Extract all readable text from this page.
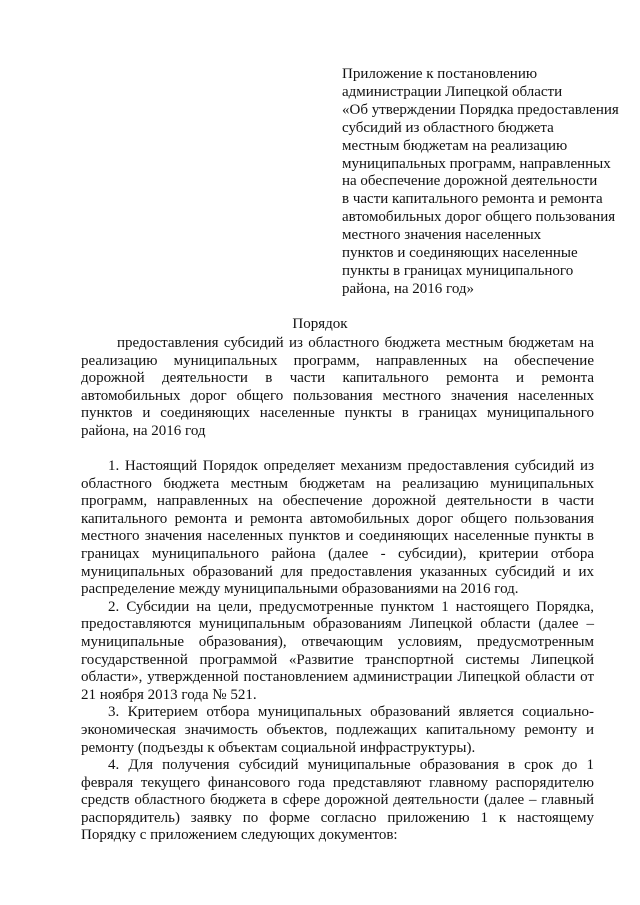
Приложение к постановлению
администрации Липецкой области
«Об утверждении Порядка предоставления
субсидий из областного бюджета
местным бюджетам на реализацию
муниципальных программ, направленных
на обеспечение дорожной деятельности
в части капитального ремонта и ремонта
автомобильных дорог общего пользования
местного значения населенных
пунктов и соединяющих населенные
пункты в границах муниципального
района, на 2016 год»
Порядок
предоставления субсидий из областного бюджета местным бюджетам на реализацию муниципальных программ, направленных на обеспечение дорожной деятельности в части капитального ремонта и ремонта автомобильных дорог общего пользования местного значения населенных пунктов и соединяющих населенные пункты в границах муниципального района, на 2016 год

1. Настоящий Порядок определяет механизм предоставления субсидий из областного бюджета местным бюджетам на реализацию муниципальных программ, направленных на обеспечение дорожной деятельности в части капитального ремонта и ремонта автомобильных дорог общего пользования местного значения населенных пунктов и соединяющих населенные пункты в границах муниципального района (далее - субсидии), критерии отбора муниципальных образований для предоставления указанных субсидий и их распределение между муниципальными образованиями на 2016 год.

2. Субсидии на цели, предусмотренные пунктом 1 настоящего Порядка, предоставляются муниципальным образованиям Липецкой области (далее – муниципальные образования), отвечающим условиям, предусмотренным государственной программой «Развитие транспортной системы Липецкой области», утвержденной постановлением администрации Липецкой области от 21 ноября 2013 года № 521.

3. Критерием отбора муниципальных образований является социально-экономическая значимость объектов, подлежащих капитальному ремонту и ремонту (подъезды к объектам социальной инфраструктуры).

4. Для получения субсидий муниципальные образования в срок до 1 февраля текущего финансового года представляют главному распорядителю средств областного бюджета в сфере дорожной деятельности (далее – главный распорядитель) заявку по форме согласно приложению 1 к настоящему Порядку с приложением следующих документов:
